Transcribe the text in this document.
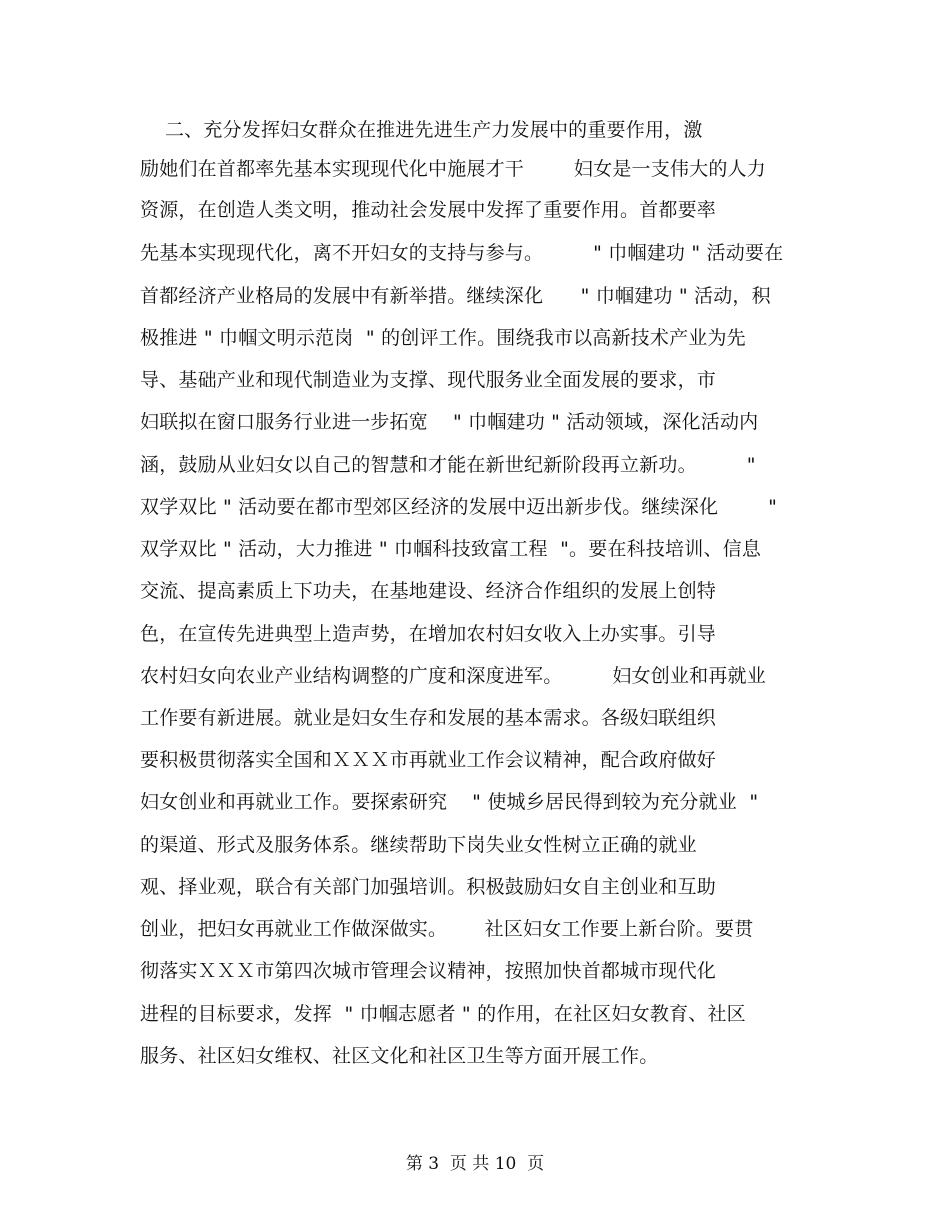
二、充分发挥妇女群众在推进先进生产力发展中的重要作用，激
励她们在首都率先基本实现现代化中施展才干        妇女是一支伟大的人力
资源，在创造人类文明，推动社会发展中发挥了重要作用。首都要率
先基本实现现代化，离不开妇女的支持与参与。        " 巾帼建功 " 活动要在
首都经济产业格局的发展中有新举措。继续深化      " 巾帼建功 " 活动，积
极推进 " 巾帼文明示范岗  " 的创评工作。围绕我市以高新技术产业为先
导、基础产业和现代制造业为支撑、现代服务业全面发展的要求，市
妇联拟在窗口服务行业进一步拓宽    " 巾帼建功 " 活动领域，深化活动内
涵，鼓励从业妇女以自己的智慧和才能在新世纪新阶段再立新功。        "
双学双比 " 活动要在都市型郊区经济的发展中迈出新步伐。继续深化        "
双学双比 " 活动，大力推进 " 巾帼科技致富工程  "。要在科技培训、信息
交流、提高素质上下功夫，在基地建设、经济合作组织的发展上创特
色，在宣传先进典型上造声势，在增加农村妇女收入上办实事。引导
农村妇女向农业产业结构调整的广度和深度进军。        妇女创业和再就业
工作要有新进展。就业是妇女生存和发展的基本需求。各级妇联组织
要积极贯彻落实全国和ＸＸＸ市再就业工作会议精神，配合政府做好
妇女创业和再就业工作。要探索研究    " 使城乡居民得到较为充分就业  "
的渠道、形式及服务体系。继续帮助下岗失业女性树立正确的就业
观、择业观，联合有关部门加强培训。积极鼓励妇女自主创业和互助
创业，把妇女再就业工作做深做实。      社区妇女工作要上新台阶。要贯
彻落实ＸＸＸ市第四次城市管理会议精神，按照加快首都城市现代化
进程的目标要求，发挥  " 巾帼志愿者 " 的作用，在社区妇女教育、社区
服务、社区妇女维权、社区文化和社区卫生等方面开展工作。
第 3  页 共 10  页
